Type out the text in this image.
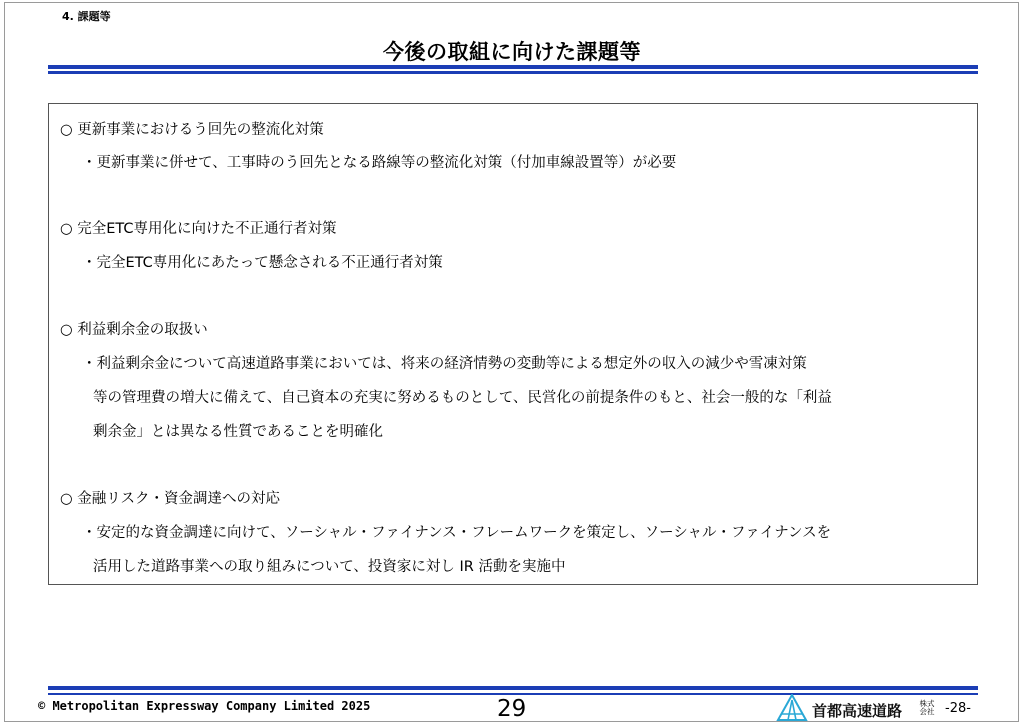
4. 課題等
今後の取組に向けた課題等
○ 更新事業におけるう回先の整流化対策
・更新事業に併せて、工事時のう回先となる路線等の整流化対策（付加車線設置等）が必要
○ 完全ETC専用化に向けた不正通行者対策
・完全ETC専用化にあたって懸念される不正通行者対策
○ 利益剰余金の取扱い
・利益剰余金について高速道路事業においては、将来の経済情勢の変動等による想定外の収入の減少や雪凍対策
等の管理費の増大に備えて、自己資本の充実に努めるものとして、民営化の前提条件のもと、社会一般的な「利益
剰余金」とは異なる性質であることを明確化
○ 金融リスク・資金調達への対応
・安定的な資金調達に向けて、ソーシャル・ファイナンス・フレームワークを策定し、ソーシャル・ファイナンスを
活用した道路事業への取り組みについて、投資家に対し IR 活動を実施中
© Metropolitan Expressway Company Limited 2025	29	首都高速道路 株式
会社 -28-
